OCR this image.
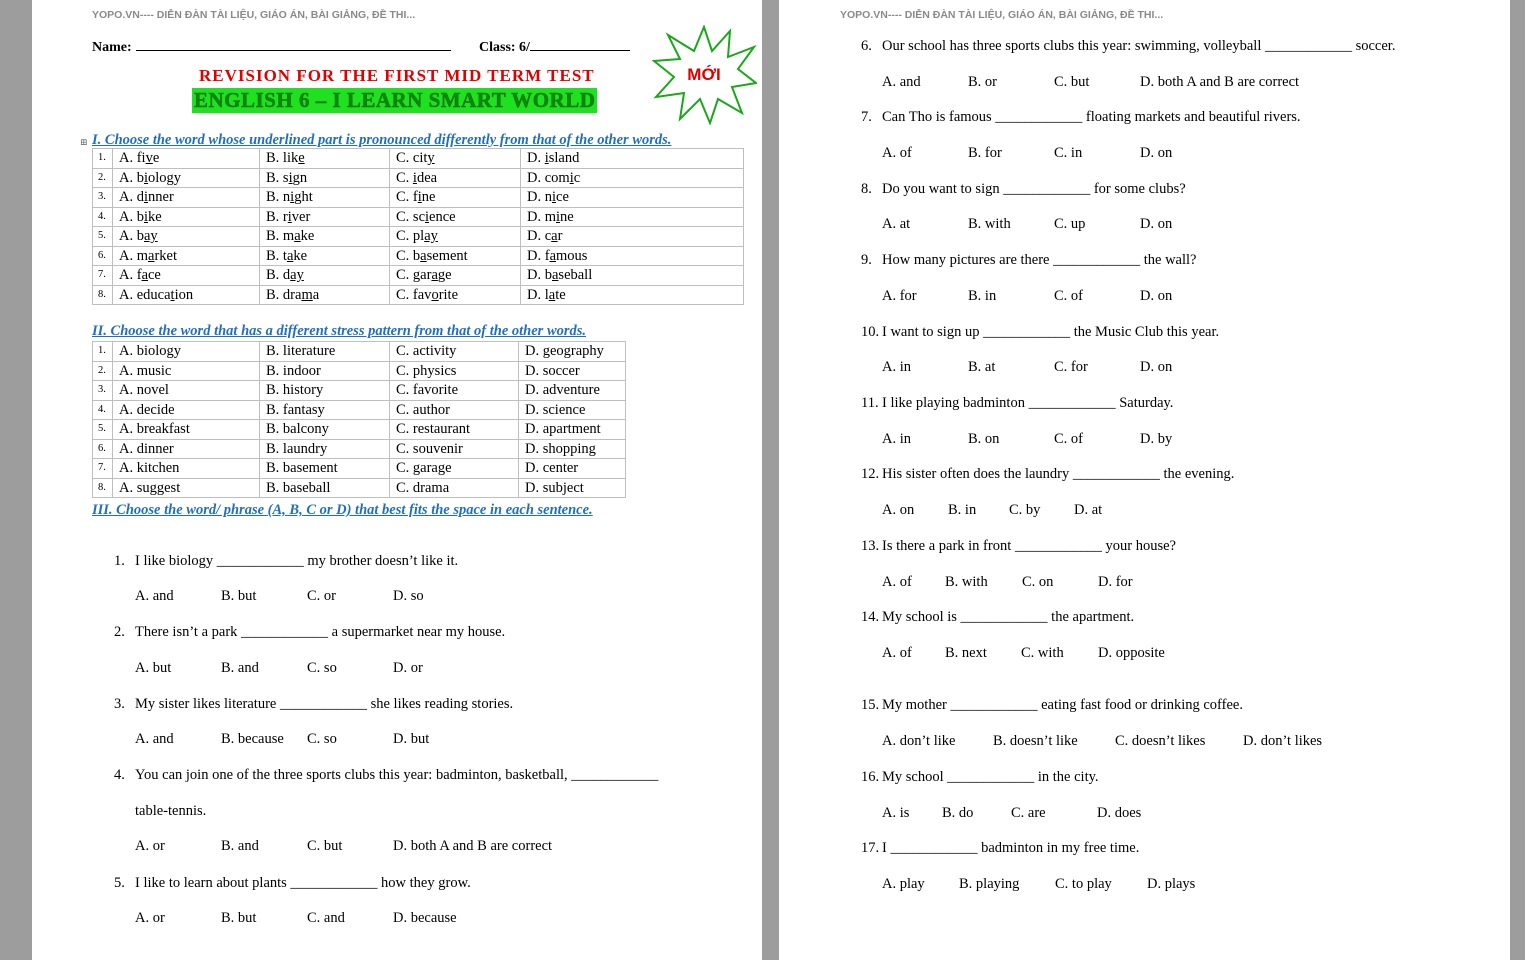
YOPO.VN---- DIỄN ĐÀN TÀI LIỆU, GIÁO ÁN, BÀI GIẢNG, ĐỀ THI...
Name:	Class: 6/
REVISION FOR THE FIRST MID TERM TEST
ENGLISH 6 – I LEARN SMART WORLD
MỚI
⊞ I. Choose the word whose underlined part is pronounced differently from that of the other words.
1.	A. five	B. like	C. city	D. island
2.	A. biology	B. sign	C. idea	D. comic
3.	A. dinner	B. night	C. fine	D. nice
4.	A. bike	B. river	C. science	D. mine
5.	A. bay	B. make	C. play	D. car
6.	A. market	B. take	C. basement	D. famous
7.	A. face	B. day	C. garage	D. baseball
8.	A. education	B. drama	C. favorite	D. late
II. Choose the word that has a different stress pattern from that of the other words.
1.	A. biology	B. literature	C. activity	D. geography
2.	A. music	B. indoor	C. physics	D. soccer
3.	A. novel	B. history	C. favorite	D. adventure
4.	A. decide	B. fantasy	C. author	D. science
5.	A. breakfast	B. balcony	C. restaurant	D. apartment
6.	A. dinner	B. laundry	C. souvenir	D. shopping
7.	A. kitchen	B. basement	C. garage	D. center
8.	A. suggest	B. baseball	C. drama	D. subject
III. Choose the word/ phrase (A, B, C or D) that best fits the space in each sentence.
1. I like biology ____________ my brother doesn’t like it.
A. and	B. but	C. or	D. so
2. There isn’t a park ____________ a supermarket near my house.
A. but	B. and	C. so	D. or
3. My sister likes literature ____________ she likes reading stories.
A. and	B. because C. so	D. but
4. You can join one of the three sports clubs this year: badminton, basketball, ____________
table-tennis.
A. or	B. and	C. but	D. both A and B are correct
5. I like to learn about plants ____________ how they grow.
A. or	B. but	C. and	D. because
YOPO.VN---- DIỄN ĐÀN TÀI LIỆU, GIÁO ÁN, BÀI GIẢNG, ĐỀ THI...
6. Our school has three sports clubs this year: swimming, volleyball ____________ soccer.
A. and	B. or	C. but	D. both A and B are correct
7. Can Tho is famous ____________ floating markets and beautiful rivers.
A. of	B. for	C. in	D. on
8. Do you want to sign ____________ for some clubs?
A. at	B. with	C. up	D. on
9. How many pictures are there ____________ the wall?
A. for	B. in	C. of	D. on
10. I want to sign up ____________ the Music Club this year.
A. in	B. at	C. for	D. on
11. I like playing badminton ____________ Saturday.
A. in	B. on	C. of	D. by
12. His sister often does the laundry ____________ the evening.
A. on B. in C. by D. at
13. Is there a park in front ____________ your house?
A. of B. with C. on	D. for
14. My school is ____________ the apartment.
A. of B. next C. with D. opposite
15. My mother ____________ eating fast food or drinking coffee.
A. don’t like	B. doesn’t like	C. doesn’t likes	D. don’t likes
16. My school ____________ in the city.
A. is B. do	C. are	D. does
17. I ____________ badminton in my free time.
A. play B. playing C. to play D. plays
